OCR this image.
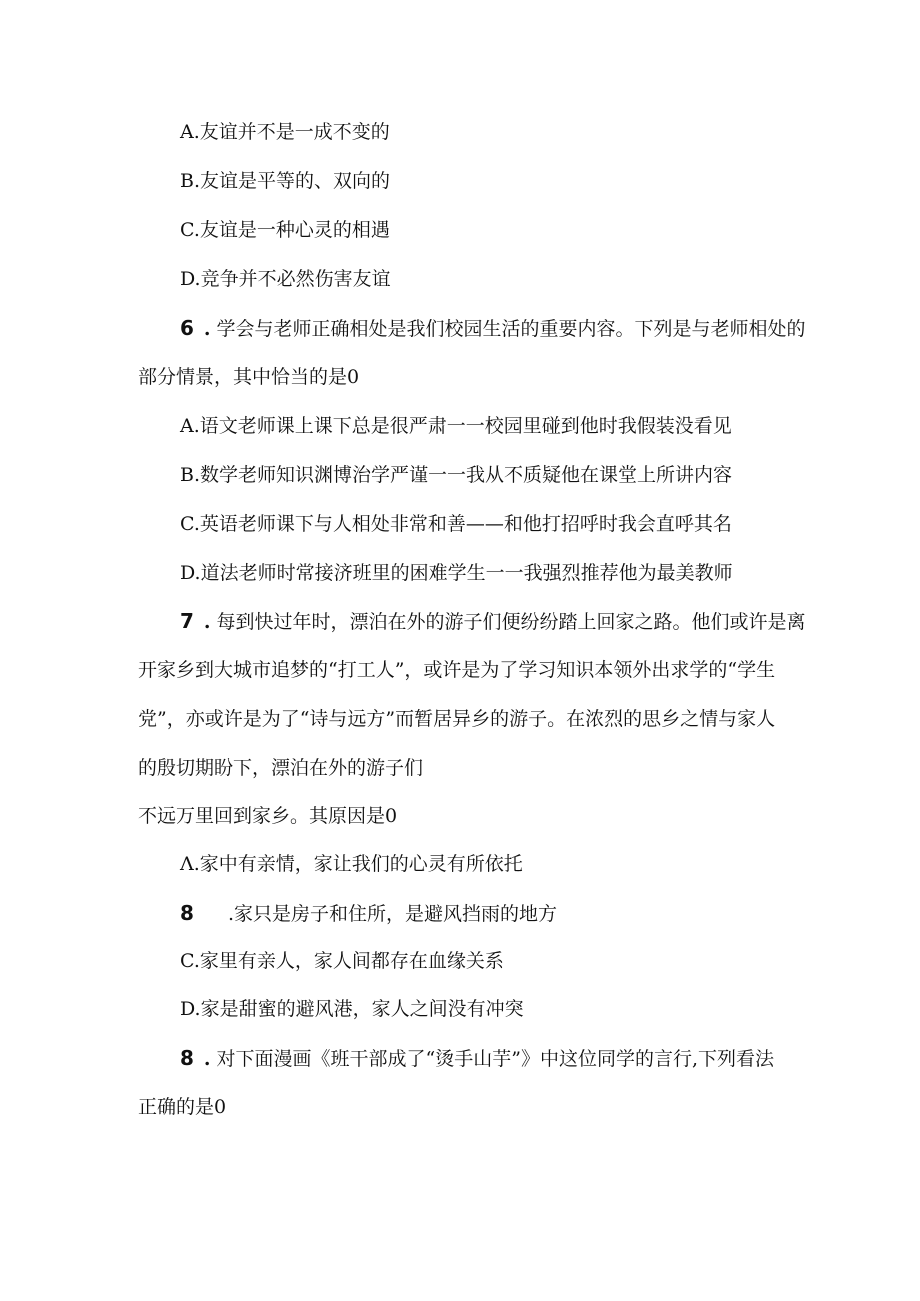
A.友谊并不是一成不变的
B.友谊是平等的、双向的
C.友谊是一种心灵的相遇
D.竞争并不必然伤害友谊
6 . 学会与老师正确相处是我们校园生活的重要内容。下列是与老师相处的
部分情景，其中恰当的是0
A.语文老师课上课下总是很严肃一一校园里碰到他时我假装没看见
B.数学老师知识渊博治学严谨一一我从不质疑他在课堂上所讲内容
C.英语老师课下与人相处非常和善——和他打招呼时我会直呼其名
D.道法老师时常接济班里的困难学生一一我强烈推荐他为最美教师
7 . 每到快过年时，漂泊在外的游子们便纷纷踏上回家之路。他们或许是离
开家乡到大城市追梦的“打工人”，或许是为了学习知识本领外出求学的“学生
党”，亦或许是为了“诗与远方”而暂居异乡的游子。在浓烈的思乡之情与家人
的殷切期盼下，漂泊在外的游子们
不远万里回到家乡。其原因是0
Λ.家中有亲情，家让我们的心灵有所依托
8 .家只是房子和住所，是避风挡雨的地方
C.家里有亲人，家人间都存在血缘关系
D.家是甜蜜的避风港，家人之间没有冲突
8 . 对下面漫画《班干部成了“烫手山芋”》中这位同学的言行,下列看法
正确的是0
